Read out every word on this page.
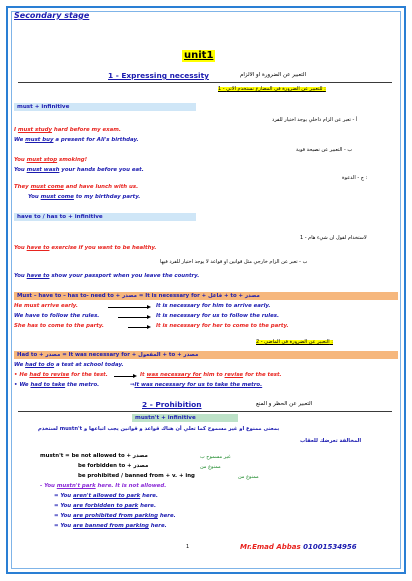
Secondary stage
unit1
التعبير عن الضرورة او الالزام
1 - Expressing necessity
1 - للتعبير عن الضرورة في المضارع نستخدم الاتي :
must + infinitive
أ - تعبر عن الزام داخلي يوجد اختيار للفرد
I must study hard before my exam.
We must buy a present for Ali's birthday.
ب - التعبير عن نصيحة قوية
You must stop smoking!
You must wash your hands before you eat.
ج - الدعوة :
They must come and have lunch with us.
You must come to my birthday party.
have to / has to + infinitive
1 - لاستخدام لقول ان شيء هام
You have to exercise if you want to be healthy.
ب - تعبر عن الزام خارجي مثل قوانين او قواعد لا يوجد اختيار للفرد فيها
You have to show your passport when you leave the country.
Must – have to – has to- need to + مصدر = It is necessary for + فاعل + to + مصدر
He must arrive early.	It is necessary for him to arrive early.
We have to follow the rules.	It is necessary for us to follow the rules.
She has to come to the party.	It is necessary for her to come to the party.
2 - التعبير عن الضرورة في الماضي :
Had to + مصدر = It was necessary for + المفعول + to + مصدر
We had to do a test at school today.
• He had to revise for the test.	It was necessary for him to revise for the test.
• We had to take the metro.	⇒It was necessary for us to take the metro.
التعبير عن الحظر و المنع
2 - Prohibition
mustn't + infinitive
لستخدم mustn't بمعنى ممنوع او غير مسموح كما تعلي أن هناك قواعد و قوانين يجب اتباعها و
المخالفة تعرضك للعقاب
mustn't = be not allowed to + مصدر	غير مسموح ب
be forbidden to + مصدر	ممنوع من
be prohibited / banned from + v. + ing	ممنوع من
- You mustn't park here. It is not allowed.
= You aren't allowed to park here.
= You are forbidden to park here.
= You are prohibited from parking here.
= You are banned from parking here.
1	Mr.Emad Abbas 01001534956
